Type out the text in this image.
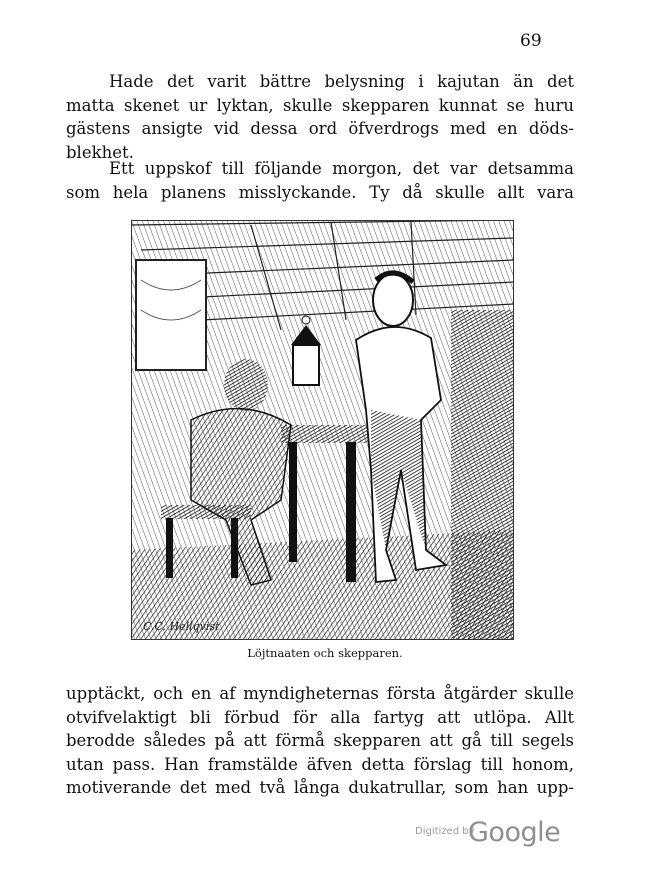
69

Hade det varit bättre belysning i kajutan än det
matta skenet ur lyktan, skulle skepparen kunnat se huru
gästens ansigte vid dessa ord öfverdrogs med en döds-
blekhet.

Ett uppskof till följande morgon, det var detsamma
som hela planens misslyckande. Ty då skulle allt vara

C.C. Hellqvist
Löjtnaaten och skepparen.

upptäckt, och en af myndigheternas första åtgärder skulle
otvifvelaktigt bli förbud för alla fartyg att utlöpa. Allt
berodde således på att förmå skepparen att gå till segels
utan pass. Han framstälde äfven detta förslag till honom,
motiverande det med två långa dukatrullar, som han upp-

Digitized by
Google
